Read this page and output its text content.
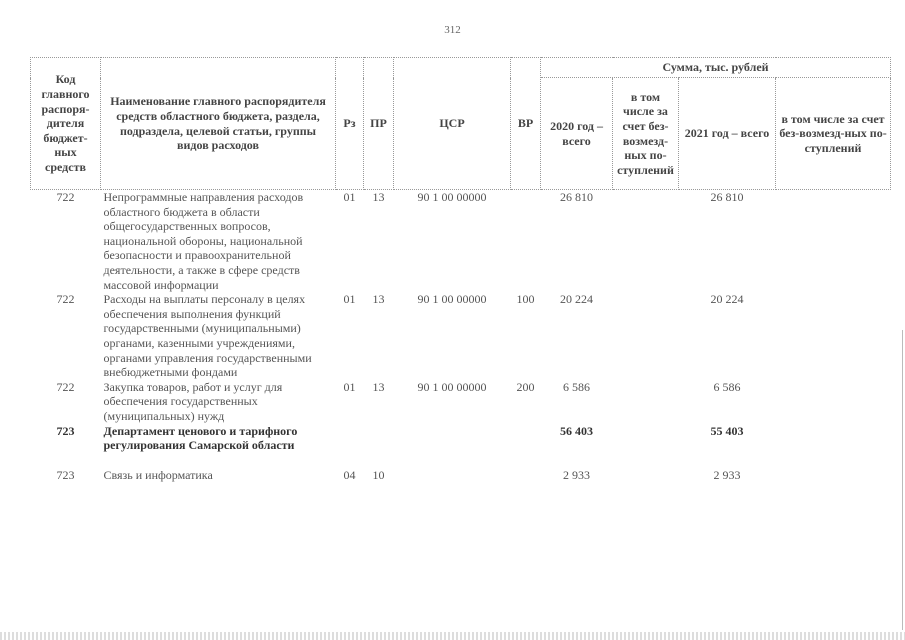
312
Код главного распоря-дителя бюджет-ных средств	Наименование главного распорядителя средств областного бюджета, раздела, подраздела, целевой статьи, группы видов расходов	Рз	ПР	ЦСР	ВР	Сумма, тыс. рублей			
						2020 год – всего	в том числе за счет без-возмезд-ных по-ступлений	2021 год – всего	в том числе за счет без-возмезд-ных по-ступлений
722	Непрограммные направления расходов областного бюджета в области общегосударственных вопросов, национальной обороны, национальной безопасности и правоохранительной деятельности, а также в сфере средств массовой информации	01	13	90 1 00 00000		26 810		26 810	
722	Расходы на выплаты персоналу в целях обеспечения выполнения функций государственными (муниципальными) органами, казенными учреждениями, органами управления государственными внебюджетными фондами	01	13	90 1 00 00000	100	20 224		20 224	
722	Закупка товаров, работ и услуг для обеспечения государственных (муниципальных) нужд	01	13	90 1 00 00000	200	6 586		6 586	
723	Департамент ценового и тарифного регулирования Самарской области					56 403		55 403	
723	Связь и информатика	04	10			2 933		2 933	
